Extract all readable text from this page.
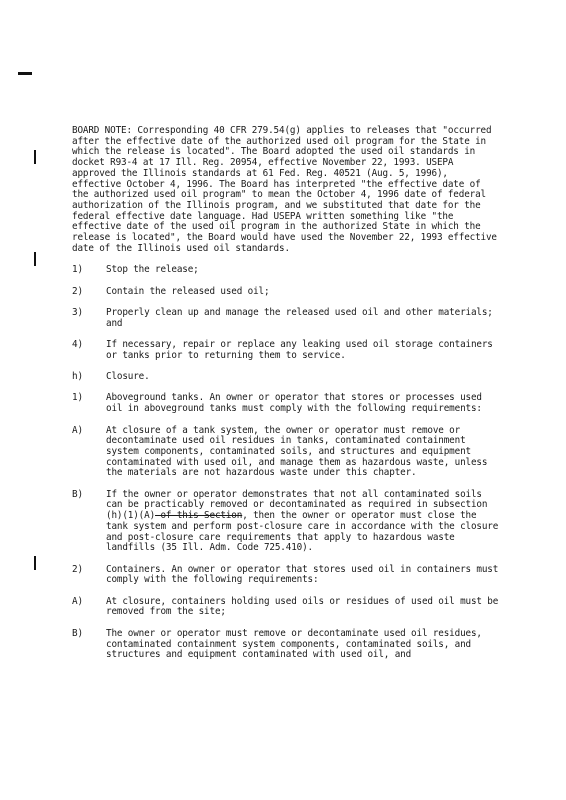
BOARD NOTE: Corresponding 40 CFR 279.54(g) applies to releases that "occurred after the effective date of the authorized used oil program for the State in which the release is located". The Board adopted the used oil standards in docket R93-4 at 17 Ill. Reg. 20954, effective November 22, 1993. USEPA approved the Illinois standards at 61 Fed. Reg. 40521 (Aug. 5, 1996), effective October 4, 1996. The Board has interpreted "the effective date of the authorized used oil program" to mean the October 4, 1996 date of federal authorization of the Illinois program, and we substituted that date for the federal effective date language. Had USEPA written something like "the effective date of the used oil program in the authorized State in which the release is located", the Board would have used the November 22, 1993 effective date of the Illinois used oil standards.

1)	Stop the release;

2)	Contain the released used oil;

3)	Properly clean up and manage the released used oil and other materials; and

4)	If necessary, repair or replace any leaking used oil storage containers or tanks prior to returning them to service.

h)	Closure.

1)	Aboveground tanks. An owner or operator that stores or processes used oil in aboveground tanks must comply with the following requirements:

A)	At closure of a tank system, the owner or operator must remove or decontaminate used oil residues in tanks, contaminated containment system components, contaminated soils, and structures and equipment contaminated with used oil, and manage them as hazardous waste, unless the materials are not hazardous waste under this chapter.

B)	If the owner or operator demonstrates that not all contaminated soils can be practicably removed or decontaminated as required in subsection (h)(1)(A) of this Section, then the owner or operator must close the tank system and perform post-closure care in accordance with the closure and post-closure care requirements that apply to hazardous waste landfills (35 Ill. Adm. Code 725.410).

2)	Containers. An owner or operator that stores used oil in containers must comply with the following requirements:

A)	At closure, containers holding used oils or residues of used oil must be removed from the site;

B)	The owner or operator must remove or decontaminate used oil residues, contaminated containment system components, contaminated soils, and structures and equipment contaminated with used oil, and
